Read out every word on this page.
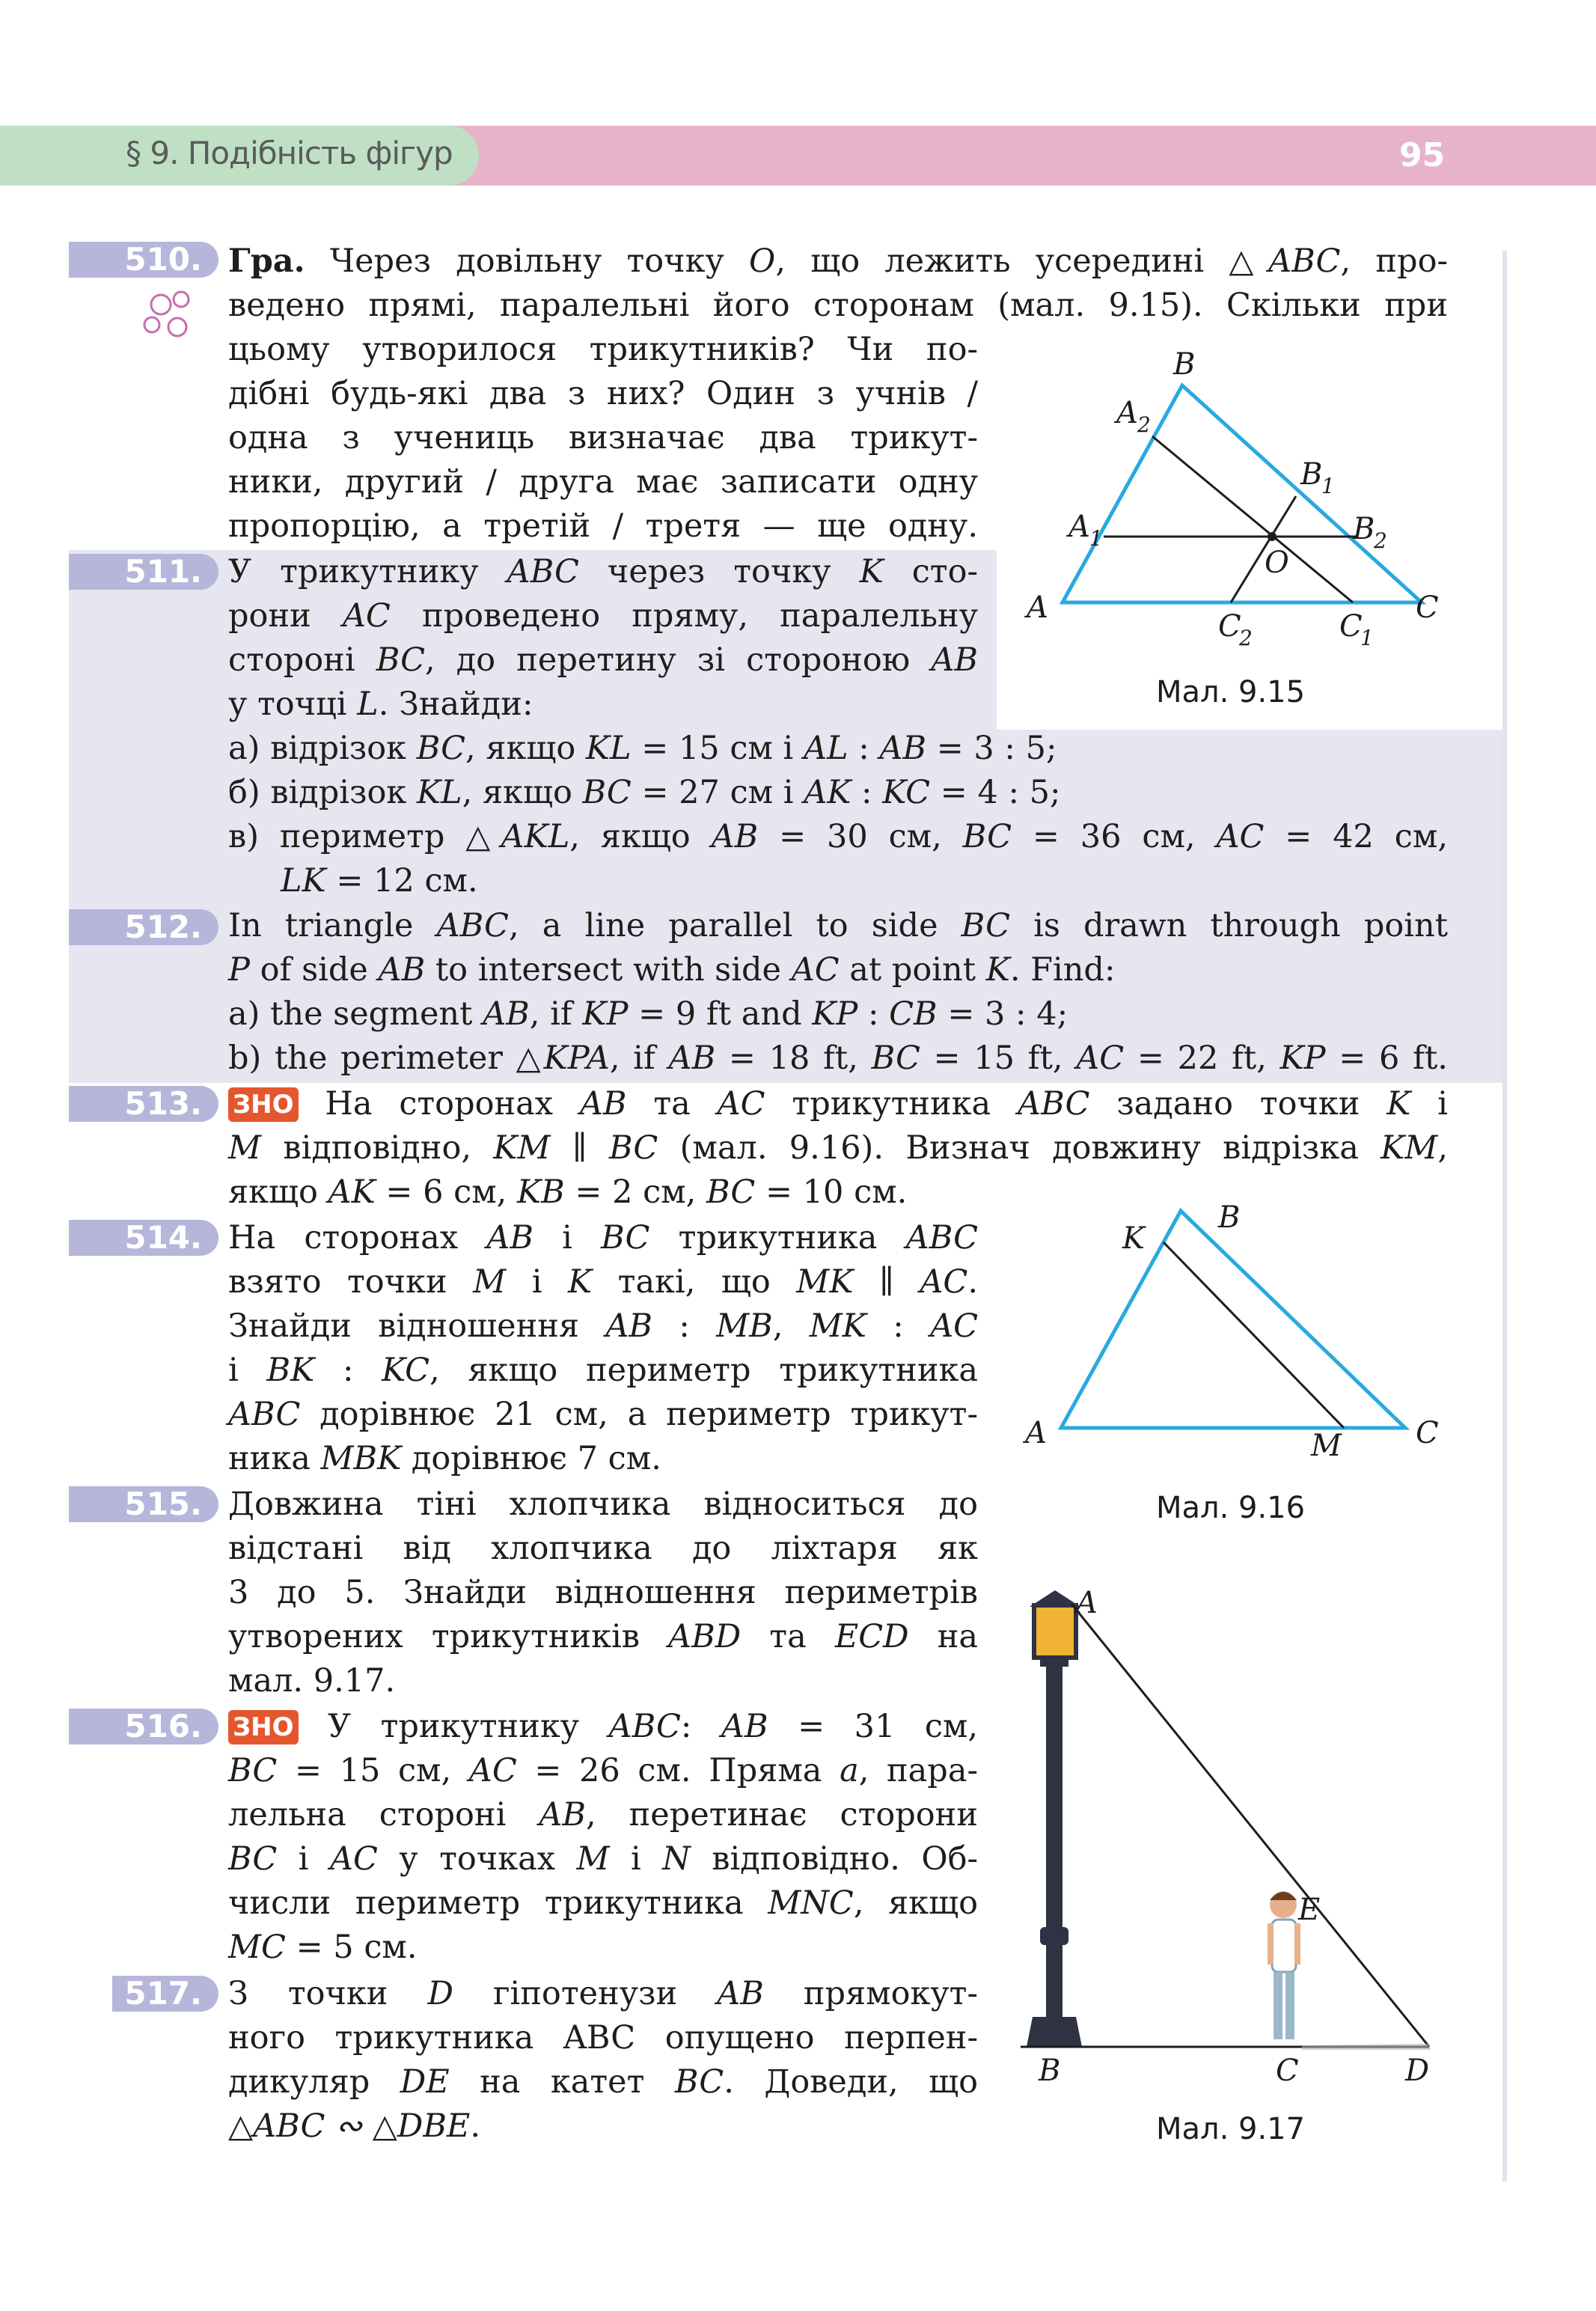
§ 9. Подібність фігур	95
510. Гра. Через довільну точку O, що лежить усередині △ABC, про-
ведено прямі, паралельні його сторонам (мал. 9.15). Скільки при
цьому утворилося трикутників? Чи по-
дібні будь-які два з них? Один з учнів /
одна з учениць визначає два трикут-
ники, другий / друга має записати одну
пропорцію, а третій / третя — ще одну.
511. У трикутнику ABC через точку K сто-
рони AC проведено пряму, паралельну
стороні BC, до перетину зі стороною AB
у точці L. Знайди:
а) відрізок BC, якщо KL = 15 см і AL : AB = 3 : 5;
б) відрізок KL, якщо BC = 27 см і AK : KC = 4 : 5;
в) периметр △AKL, якщо AB = 30 см, BC = 36 см, AC = 42 см,
LK = 12 см.
512. In triangle ABC, a line parallel to side BC is drawn through point
P of side AB to intersect with side AC at point K. Find:
a) the segment AB, if KP = 9 ft and KP : CB = 3 : 4;
b) the perimeter △KPA, if AB = 18 ft, BC = 15 ft, AC = 22 ft, KP = 6 ft.
513.	ЗНО На сторонах AB та AC трикутника ABC задано точки K і
M відповідно, KM ∥ BC (мал. 9.16). Визнач довжину відрізка KM,
якщо AK = 6 см, KB = 2 см, BC = 10 см.
514. На сторонах AB і BC трикутника ABC
взято точки M і K такі, що MK ∥ AC.
Знайди відношення AB : MB, MK : AC
і BK : KC, якщо периметр трикутника
ABC дорівнює 21 см, а периметр трикут-
ника MBK дорівнює 7 см.
515. Довжина тіні хлопчика відноситься до
відстані від хлопчика до ліхтаря як
3 до 5. Знайди відношення периметрів
утворених трикутників ABD та ECD на
мал. 9.17.
516.	ЗНО У трикутнику ABC: AB = 31 см,
BC = 15 см, AC = 26 см. Пряма a, пара-
лельна стороні AB, перетинає сторони
BC і AC у точках M і N відповідно. Об-
числи периметр трикутника MNC, якщо
MC = 5 см.
517. З точки D гіпотенузи AB прямокут-
ного трикутника ABC опущено перпен-
дикуляр DE на катет BC. Доведи, що
△ABC ∾ △DBE.
B
A 2
B
1
A 1	B
2
O
A
C
2	C
1
C
Мал. 9.15
K
B
A	M C
Мал. 9.16
A
E
B	C	D
Мал. 9.17
